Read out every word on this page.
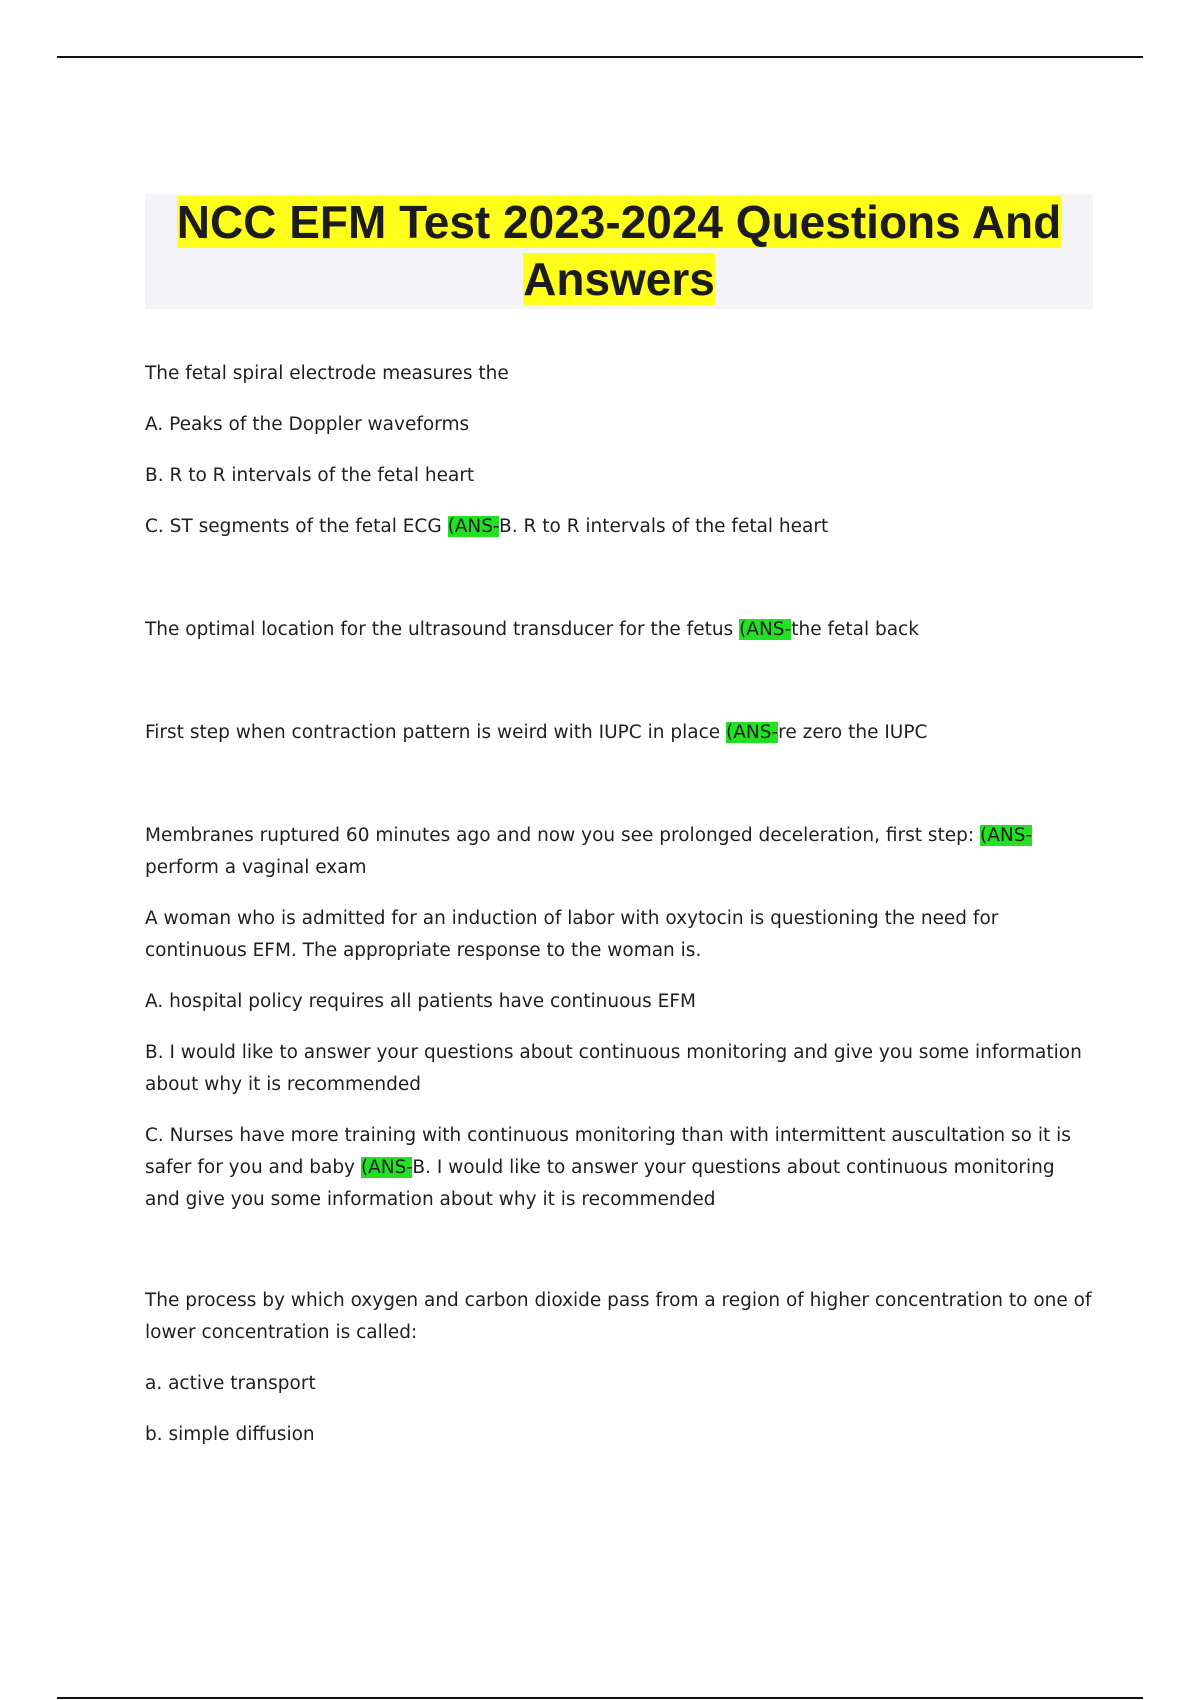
NCC EFM Test 2023-2024 Questions And
Answers

The fetal spiral electrode measures the

A. Peaks of the Doppler waveforms

B. R to R intervals of the fetal heart

C. ST segments of the fetal ECG (ANS-B. R to R intervals of the fetal heart

The optimal location for the ultrasound transducer for the fetus (ANS-the fetal back

First step when contraction pattern is weird with IUPC in place (ANS-re zero the IUPC

Membranes ruptured 60 minutes ago and now you see prolonged deceleration, first step: (ANS-perform a vaginal exam

A woman who is admitted for an induction of labor with oxytocin is questioning the need for continuous EFM. The appropriate response to the woman is.

A. hospital policy requires all patients have continuous EFM

B. I would like to answer your questions about continuous monitoring and give you some information about why it is recommended

C. Nurses have more training with continuous monitoring than with intermittent auscultation so it is safer for you and baby (ANS-B. I would like to answer your questions about continuous monitoring and give you some information about why it is recommended

The process by which oxygen and carbon dioxide pass from a region of higher concentration to one of lower concentration is called:

a. active transport

b. simple diffusion
